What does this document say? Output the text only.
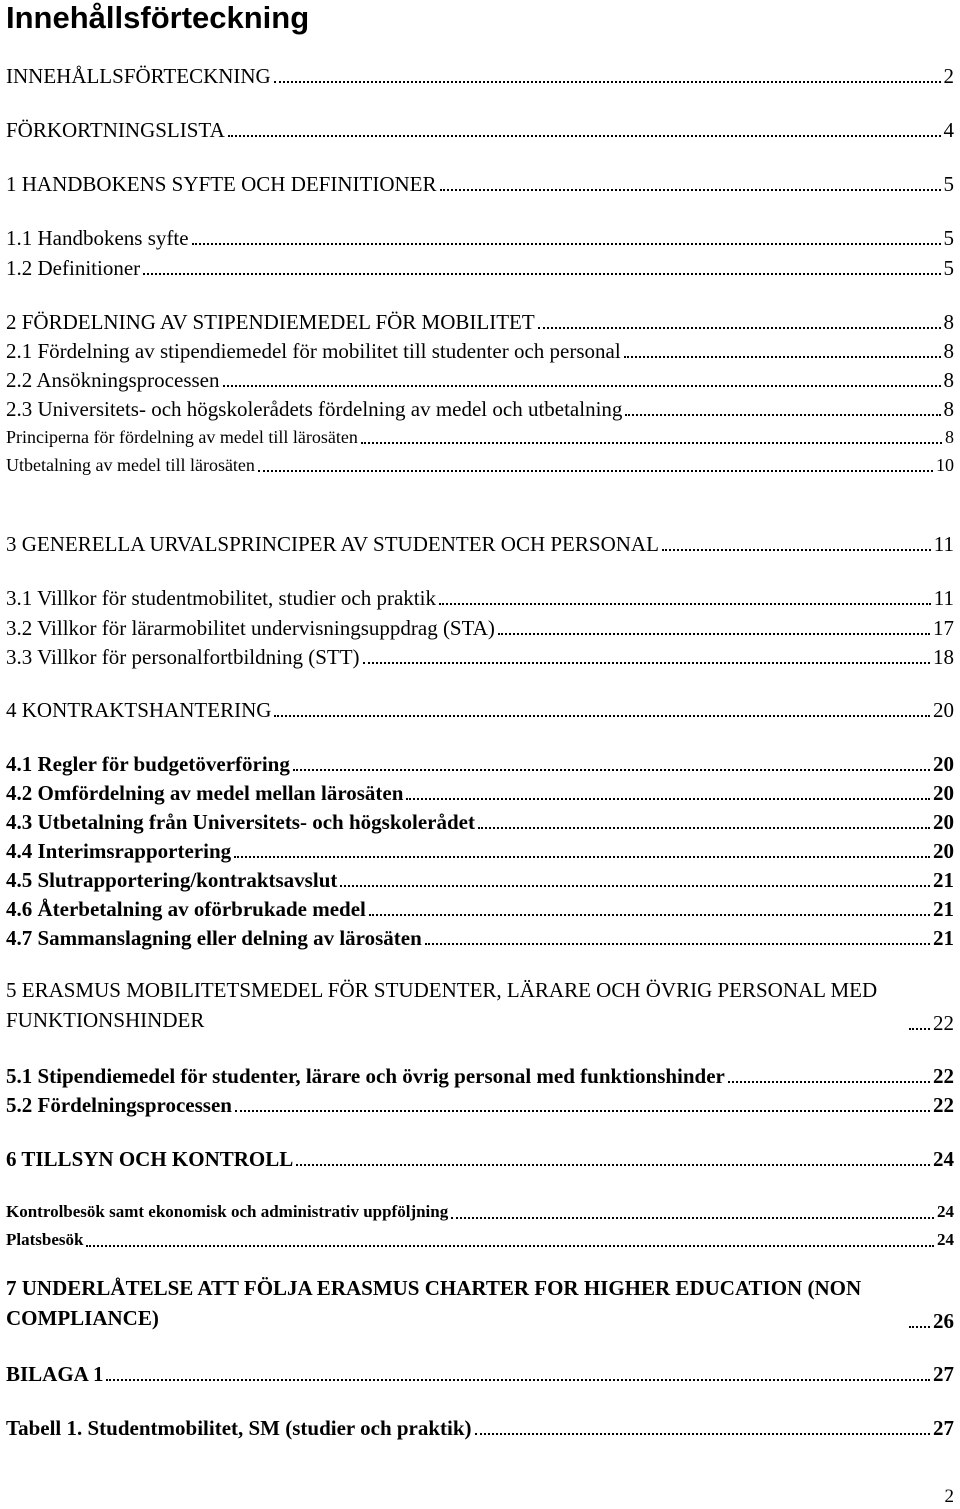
Innehållsförteckning
INNEHÅLLSFÖRTECKNING	2
FÖRKORTNINGSLISTA	4
1 HANDBOKENS SYFTE OCH DEFINITIONER	5
1.1 Handbokens syfte	5
1.2 Definitioner	5
2 FÖRDELNING AV STIPENDIEMEDEL FÖR MOBILITET	8
2.1 Fördelning av stipendiemedel för mobilitet till studenter och personal	8
2.2 Ansökningsprocessen	8
2.3 Universitets- och högskolerådets fördelning av medel och utbetalning	8
Principerna för fördelning av medel till lärosäten	8
Utbetalning av medel till lärosäten	10
3 GENERELLA URVALSPRINCIPER AV STUDENTER OCH PERSONAL	11
3.1 Villkor för studentmobilitet, studier och praktik	11
3.2 Villkor för lärarmobilitet undervisningsuppdrag (STA)	17
3.3 Villkor för personalfortbildning (STT)	18
4 KONTRAKTSHANTERING	20
4.1 Regler för budgetöverföring	20
4.2 Omfördelning av medel mellan lärosäten	20
4.3 Utbetalning från Universitets- och högskolerådet	20
4.4 Interimsrapportering	20
4.5 Slutrapportering/kontraktsavslut	21
4.6 Återbetalning av oförbrukade medel	21
4.7 Sammanslagning eller delning av lärosäten	21
5 ERASMUS MOBILITETSMEDEL FÖR STUDENTER, LÄRARE OCH ÖVRIG PERSONAL MED FUNKTIONSHINDER	22
5.1 Stipendiemedel för studenter, lärare och övrig personal med funktionshinder	22
5.2 Fördelningsprocessen	22
6 TILLSYN OCH KONTROLL	24
Kontrolbesök samt ekonomisk och administrativ uppföljning	24
Platsbesök	24
7 UNDERLÅTELSE ATT FÖLJA ERASMUS CHARTER FOR HIGHER EDUCATION (NON COMPLIANCE)	26
BILAGA 1	27
Tabell 1. Studentmobilitet, SM (studier och praktik)	27
2
